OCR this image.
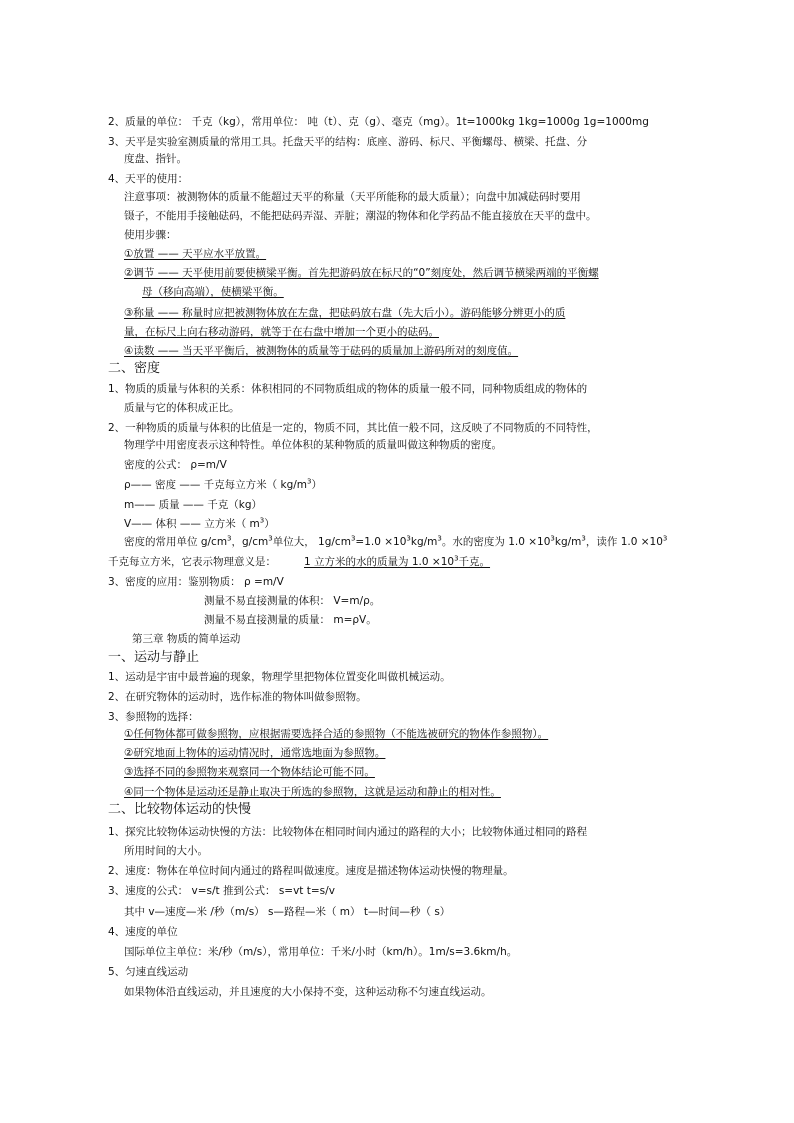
2、质量的单位： 千克（kg），常用单位： 吨（t）、克（g）、毫克（mg）。1t=1000kg 1kg=1000g 1g=1000mg
3、天平是实验室测质量的常用工具。托盘天平的结构：底座、游码、标尺、平衡螺母、横梁、托盘、分
度盘、指针。
4、天平的使用：
注意事项：被测物体的质量不能超过天平的称量（天平所能称的最大质量）；向盘中加减砝码时要用
镊子，不能用手接触砝码，不能把砝码弄湿、弄脏；潮湿的物体和化学药品不能直接放在天平的盘中。
使用步骤：
①放置 —— 天平应水平放置。
②调节 —— 天平使用前要使横梁平衡。首先把游码放在标尺的“0”刻度处，然后调节横梁两端的平衡螺
母（移向高端），使横梁平衡。
③称量 —— 称量时应把被测物体放在左盘，把砝码放右盘（先大后小）。游码能够分辨更小的质
量，在标尺上向右移动游码，就等于在右盘中增加一个更小的砝码。
④读数 —— 当天平平衡后，被测物体的质量等于砝码的质量加上游码所对的刻度值。
二、密度
1、物质的质量与体积的关系：体积相同的不同物质组成的物体的质量一般不同，同种物质组成的物体的
质量与它的体积成正比。
2、一种物质的质量与体积的比值是一定的，物质不同，其比值一般不同，这反映了不同物质的不同特性，
物理学中用密度表示这种特性。单位体积的某种物质的质量叫做这种物质的密度。
密度的公式： ρ=m/V
ρ—— 密度 —— 千克每立方米（ $kg/m^3$）
m—— 质量 —— 千克（kg）
V—— 体积 —— 立方米（ $m^3$）
密度的常用单位 $g/cm^3$，$g/cm^3$单位大， $1g/cm^3=1.0 \times 10^3kg/m^3$。水的密度为 $1.0 \times 10^3kg/m^3$，读作 $1.0 \times 10^3$
千克每立方米，它表示物理意义是：	1 立方米的水的质量为 $1.0 \times 10^3$千克。
3、密度的应用：鉴别物质： ρ =m/V
测量不易直接测量的体积： V=m/ρ。
测量不易直接测量的质量： m=ρV。
第三章 物质的简单运动
一、运动与静止
1、运动是宇宙中最普遍的现象，物理学里把物体位置变化叫做机械运动。
2、在研究物体的运动时，选作标准的物体叫做参照物。
3、参照物的选择：
①任何物体都可做参照物，应根据需要选择合适的参照物（不能选被研究的物体作参照物）。
②研究地面上物体的运动情况时，通常选地面为参照物。
③选择不同的参照物来观察同一个物体结论可能不同。
④同一个物体是运动还是静止取决于所选的参照物，这就是运动和静止的相对性。
二、比较物体运动的快慢
1、探究比较物体运动快慢的方法：比较物体在相同时间内通过的路程的大小；比较物体通过相同的路程
所用时间的大小。
2、速度：物体在单位时间内通过的路程叫做速度。速度是描述物体运动快慢的物理量。
3、速度的公式： v=s/t 推到公式： s=vt t=s/v
其中 v—速度—米 /秒（m/s） s—路程—米（ m） t—时间—秒（ s）
4、速度的单位
国际单位主单位：米/秒（m/s），常用单位：千米/小时（km/h）。1m/s=3.6km/h。
5、匀速直线运动
如果物体沿直线运动，并且速度的大小保持不变，这种运动称不匀速直线运动。
